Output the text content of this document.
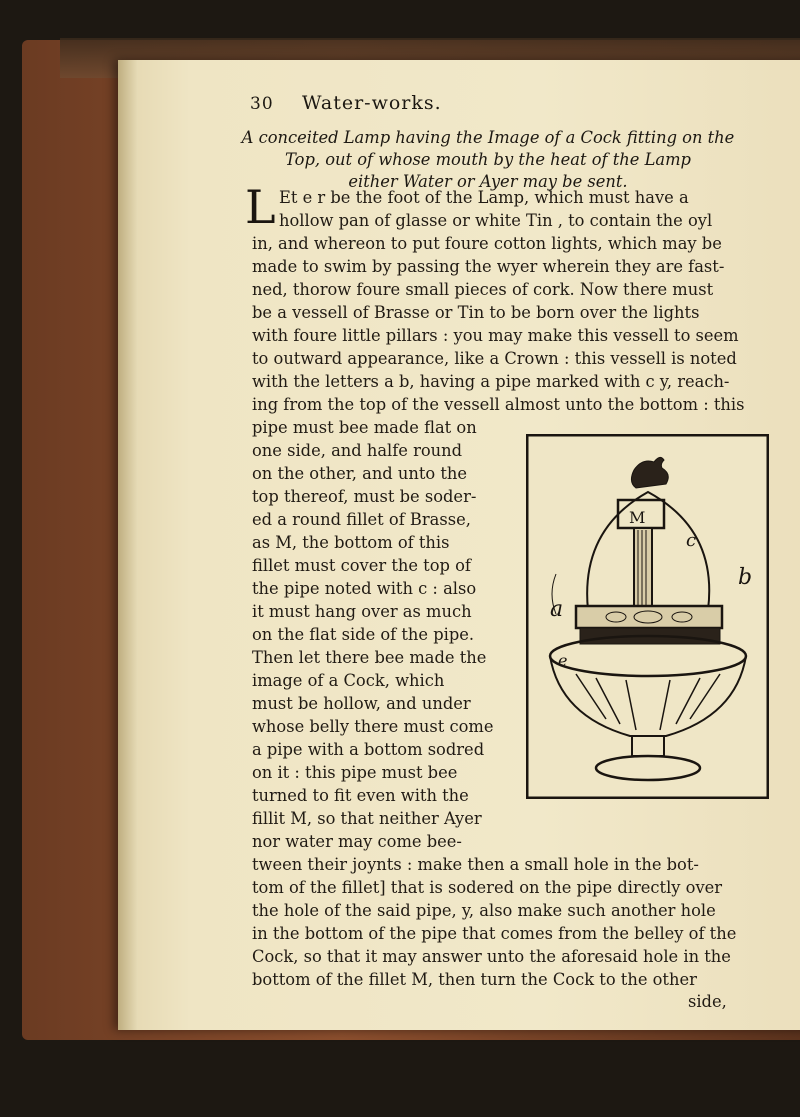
30 Water-works.
A conceited Lamp having the Image of a Cock fitting on the
Top, out of whose mouth by the heat of the Lamp
either Water or Ayer may be sent.
L Et e r be the foot of the Lamp, which must have a
hollow pan of glasse or white Tin , to contain the oyl
in, and whereon to put foure cotton lights, which may be
made to swim by passing the wyer wherein they are fast-
ned, thorow foure small pieces of cork. Now there must
be a vessell of Brasse or Tin to be born over the lights
with foure little pillars : you may make this vessell to seem
to outward appearance, like a Crown : this vessell is noted
with the letters a b, having a pipe marked with c y, reach-
ing from the top of the vessell almost unto the bottom : this
pipe must bee made flat on
one side, and halfe round
on the other, and unto the
top thereof, must be soder-
ed a round fillet of Brasse,
as M, the bottom of this
fillet must cover the top of
the pipe noted with c : also
it must hang over as much
on the flat side of the pipe.
Then let there bee made the
image of a Cock, which
must be hollow, and under
whose belly there must come
a pipe with a bottom sodred
on it : this pipe must bee
turned to fit even with the
fillit M, so that neither Ayer
nor water may come bee-
tween their joynts : make then a small hole in the bot-
tom of the fillet] that is sodered on the pipe directly over
the hole of the said pipe, y, also make such another hole
in the bottom of the pipe that comes from the belley of the
Cock, so that it may answer unto the aforesaid hole in the
bottom of the fillet M, then turn the Cock to the other
side,
M
c
a
b
e
